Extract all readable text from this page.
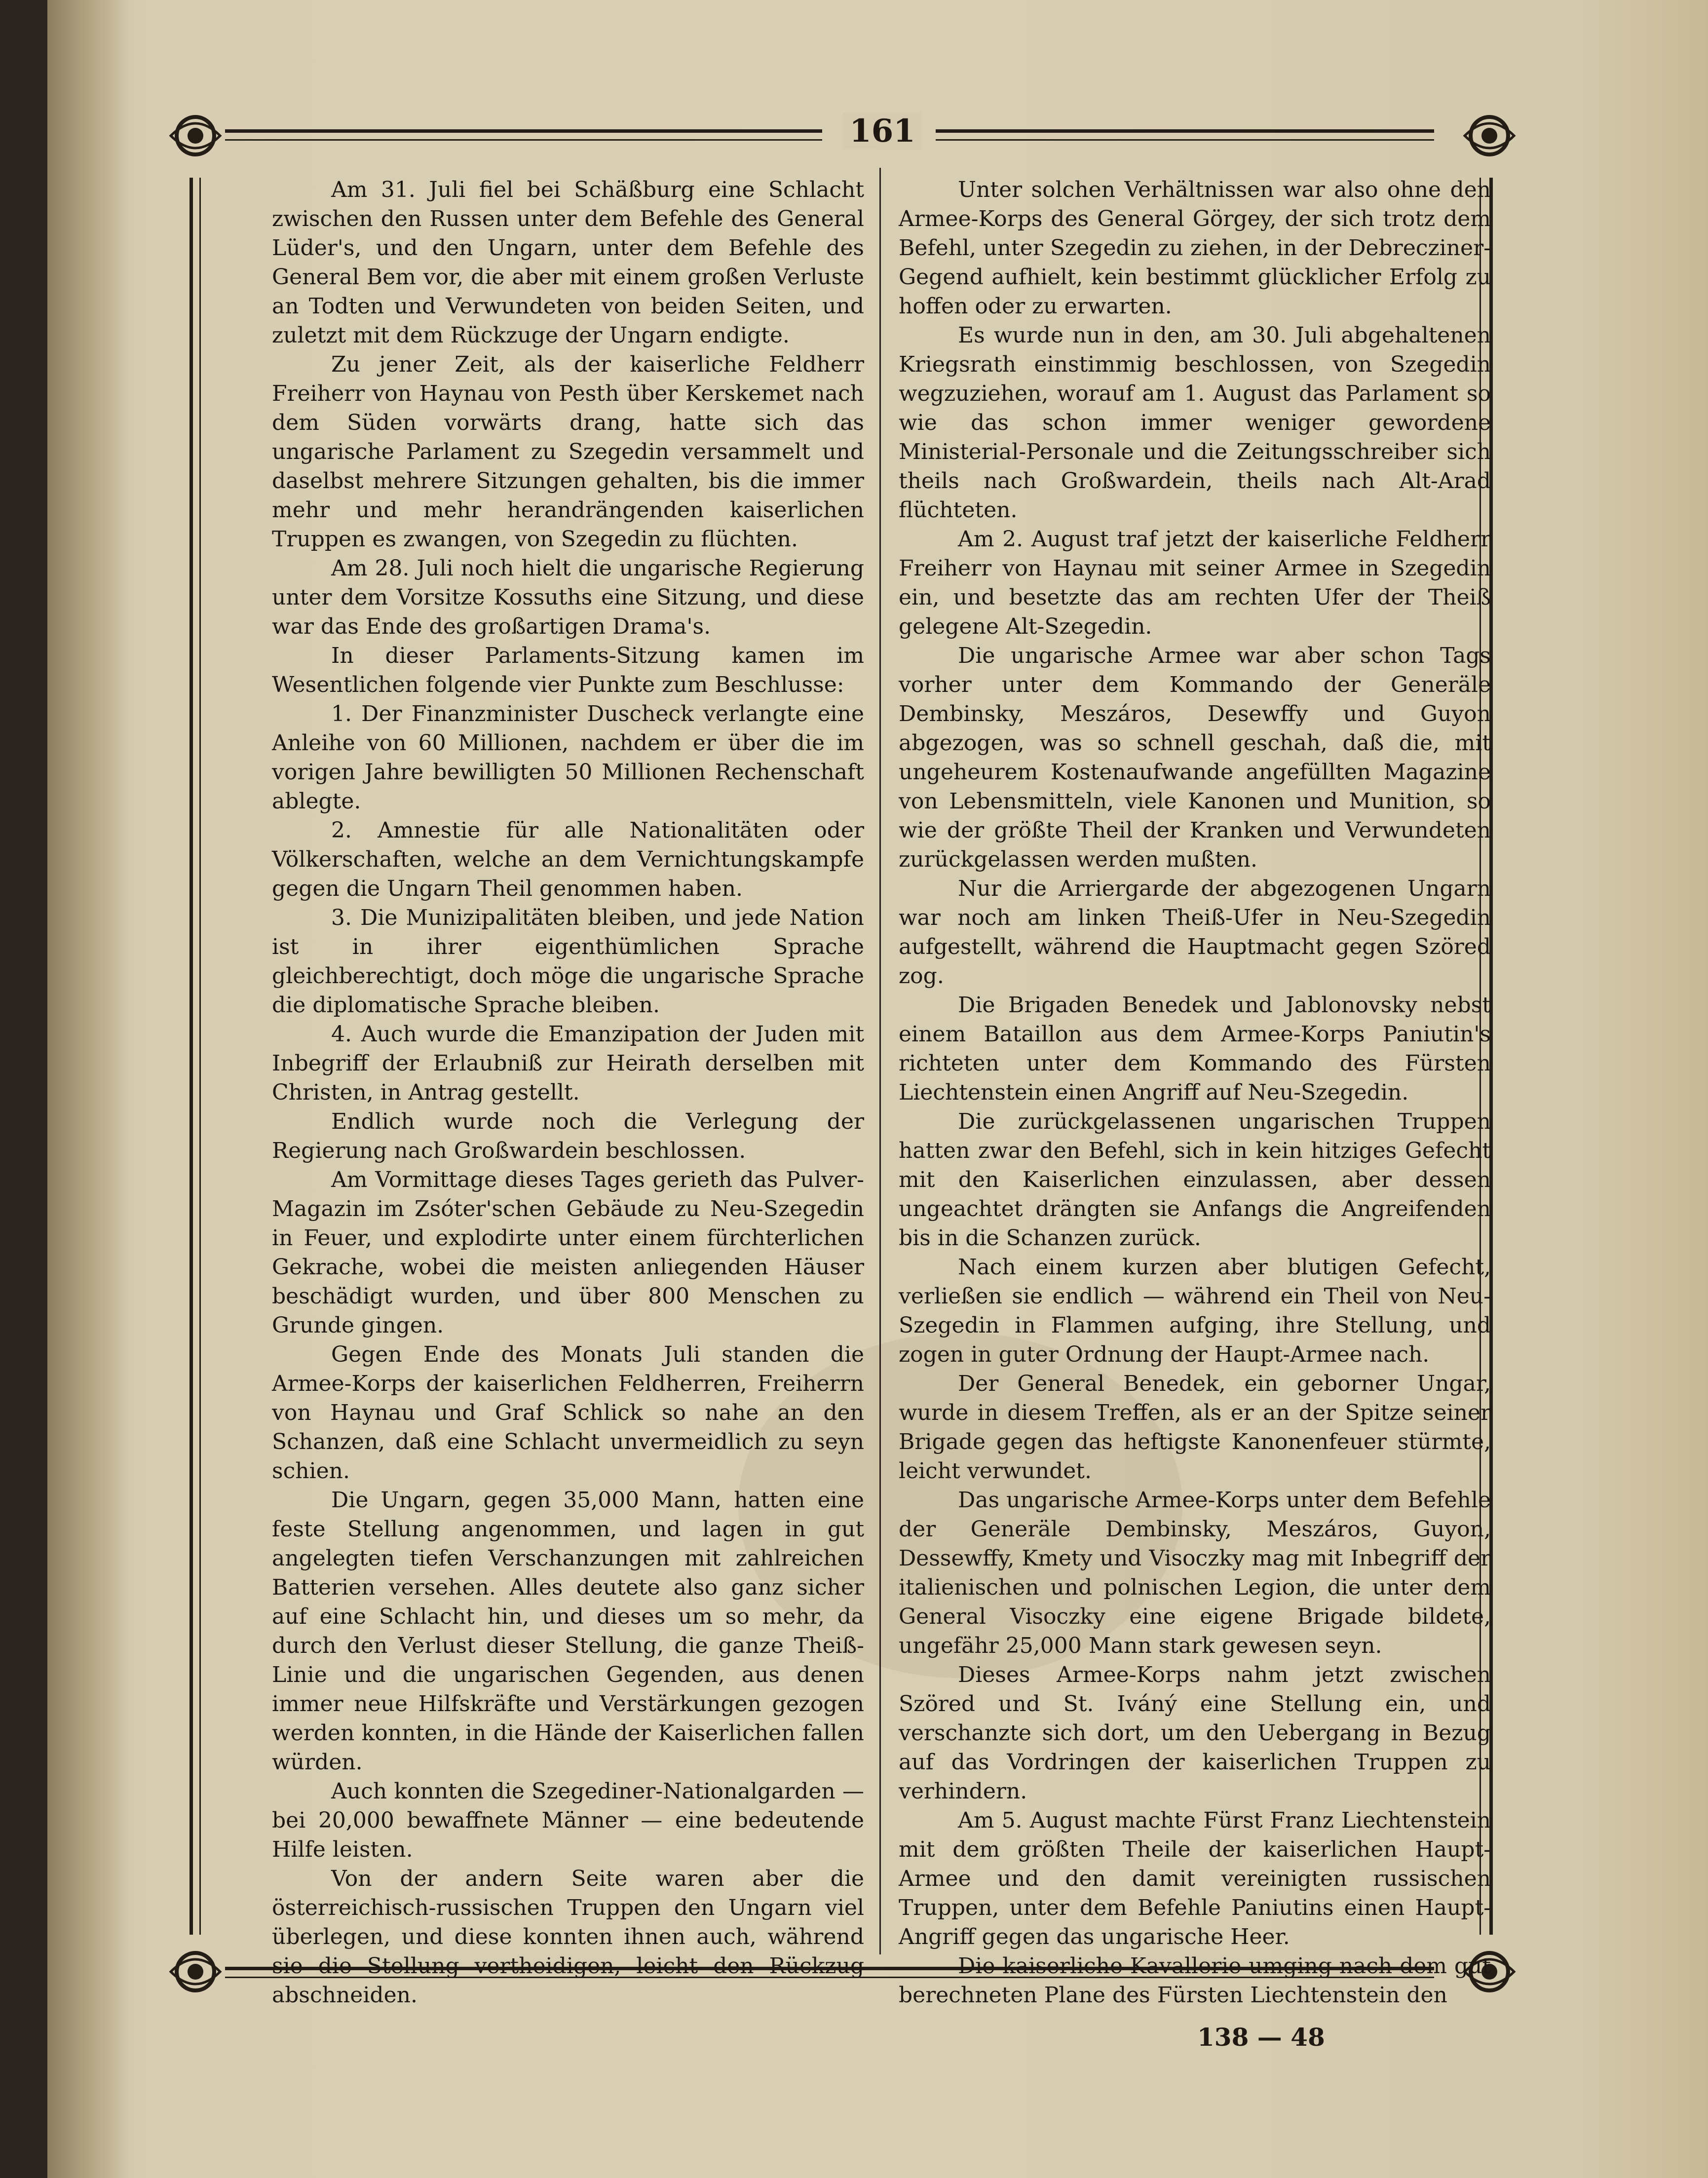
161

Am 31. Juli fiel bei Schäßburg eine Schlacht zwischen den Russen unter dem Befehle des General Lüder's, und den Ungarn, unter dem Befehle des General Bem vor, die aber mit einem großen Verluste an Todten und Verwundeten von beiden Seiten, und zuletzt mit dem Rückzuge der Ungarn endigte.

Zu jener Zeit, als der kaiserliche Feldherr Freiherr von Haynau von Pesth über Kerskemet nach dem Süden vorwärts drang, hatte sich das ungarische Parlament zu Szegedin versammelt und daselbst mehrere Sitzungen gehalten, bis die immer mehr und mehr herandrängenden kaiserlichen Truppen es zwangen, von Szegedin zu flüchten.

Am 28. Juli noch hielt die ungarische Regierung unter dem Vorsitze Kossuths eine Sitzung, und diese war das Ende des großartigen Drama's.

In dieser Parlaments-Sitzung kamen im Wesentlichen folgende vier Punkte zum Beschlusse:

1. Der Finanzminister Duscheck verlangte eine Anleihe von 60 Millionen, nachdem er über die im vorigen Jahre bewilligten 50 Millionen Rechenschaft ablegte.

2. Amnestie für alle Nationalitäten oder Völkerschaften, welche an dem Vernichtungskampfe gegen die Ungarn Theil genommen haben.

3. Die Munizipalitäten bleiben, und jede Nation ist in ihrer eigenthümlichen Sprache gleichberechtigt, doch möge die ungarische Sprache die diplomatische Sprache bleiben.

4. Auch wurde die Emanzipation der Juden mit Inbegriff der Erlaubniß zur Heirath derselben mit Christen, in Antrag gestellt.

Endlich wurde noch die Verlegung der Regierung nach Großwardein beschlossen.

Am Vormittage dieses Tages gerieth das Pulver-Magazin im Zsóter'schen Gebäude zu Neu-Szegedin in Feuer, und explodirte unter einem fürchterlichen Gekrache, wobei die meisten anliegenden Häuser beschädigt wurden, und über 800 Menschen zu Grunde gingen.

Gegen Ende des Monats Juli standen die Armee-Korps der kaiserlichen Feldherren, Freiherrn von Haynau und Graf Schlick so nahe an den Schanzen, daß eine Schlacht unvermeidlich zu seyn schien.

Die Ungarn, gegen 35,000 Mann, hatten eine feste Stellung angenommen, und lagen in gut angelegten tiefen Verschanzungen mit zahlreichen Batterien versehen. Alles deutete also ganz sicher auf eine Schlacht hin, und dieses um so mehr, da durch den Verlust dieser Stellung, die ganze Theiß-Linie und die ungarischen Gegenden, aus denen immer neue Hilfskräfte und Verstärkungen gezogen werden konnten, in die Hände der Kaiserlichen fallen würden.

Auch konnten die Szegediner-Nationalgarden — bei 20,000 bewaffnete Männer — eine bedeutende Hilfe leisten.

Von der andern Seite waren aber die österreichisch-russischen Truppen den Ungarn viel überlegen, und diese konnten ihnen auch, während sie die Stellung vertheidigen, leicht den Rückzug abschneiden.

Unter solchen Verhältnissen war also ohne den Armee-Korps des General Görgey, der sich trotz dem Befehl, unter Szegedin zu ziehen, in der Debrecziner-Gegend aufhielt, kein bestimmt glücklicher Erfolg zu hoffen oder zu erwarten.

Es wurde nun in den, am 30. Juli abgehaltenen Kriegsrath einstimmig beschlossen, von Szegedin wegzuziehen, worauf am 1. August das Parlament so wie das schon immer weniger gewordene Ministerial-Personale und die Zeitungsschreiber sich theils nach Großwardein, theils nach Alt-Arad flüchteten.

Am 2. August traf jetzt der kaiserliche Feldherr Freiherr von Haynau mit seiner Armee in Szegedin ein, und besetzte das am rechten Ufer der Theiß gelegene Alt-Szegedin.

Die ungarische Armee war aber schon Tags vorher unter dem Kommando der Generäle Dembinsky, Meszáros, Desewffy und Guyon abgezogen, was so schnell geschah, daß die, mit ungeheurem Kostenaufwande angefüllten Magazine von Lebensmitteln, viele Kanonen und Munition, so wie der größte Theil der Kranken und Verwundeten zurückgelassen werden mußten.

Nur die Arriergarde der abgezogenen Ungarn war noch am linken Theiß-Ufer in Neu-Szegedin aufgestellt, während die Hauptmacht gegen Szöred zog.

Die Brigaden Benedek und Jablonovsky nebst einem Bataillon aus dem Armee-Korps Paniutin's richteten unter dem Kommando des Fürsten Liechtenstein einen Angriff auf Neu-Szegedin.

Die zurückgelassenen ungarischen Truppen hatten zwar den Befehl, sich in kein hitziges Gefecht mit den Kaiserlichen einzulassen, aber dessen ungeachtet drängten sie Anfangs die Angreifenden bis in die Schanzen zurück.

Nach einem kurzen aber blutigen Gefecht, verließen sie endlich — während ein Theil von Neu-Szegedin in Flammen aufging, ihre Stellung, und zogen in guter Ordnung der Haupt-Armee nach.

Der General Benedek, ein geborner Ungar, wurde in diesem Treffen, als er an der Spitze seiner Brigade gegen das heftigste Kanonenfeuer stürmte, leicht verwundet.

Das ungarische Armee-Korps unter dem Befehle der Generäle Dembinsky, Meszáros, Guyon, Dessewffy, Kmety und Visoczky mag mit Inbegriff der italienischen und polnischen Legion, die unter dem General Visoczky eine eigene Brigade bildete, ungefähr 25,000 Mann stark gewesen seyn.

Dieses Armee-Korps nahm jetzt zwischen Szöred und St. Iváný eine Stellung ein, und verschanzte sich dort, um den Uebergang in Bezug auf das Vordringen der kaiserlichen Truppen zu verhindern.

Am 5. August machte Fürst Franz Liechtenstein mit dem größten Theile der kaiserlichen Haupt-Armee und den damit vereinigten russischen Truppen, unter dem Befehle Paniutins einen Haupt-Angriff gegen das ungarische Heer.

Die kaiserliche Kavallerie umging nach dem gut berechneten Plane des Fürsten Liechtenstein den

138 — 48
